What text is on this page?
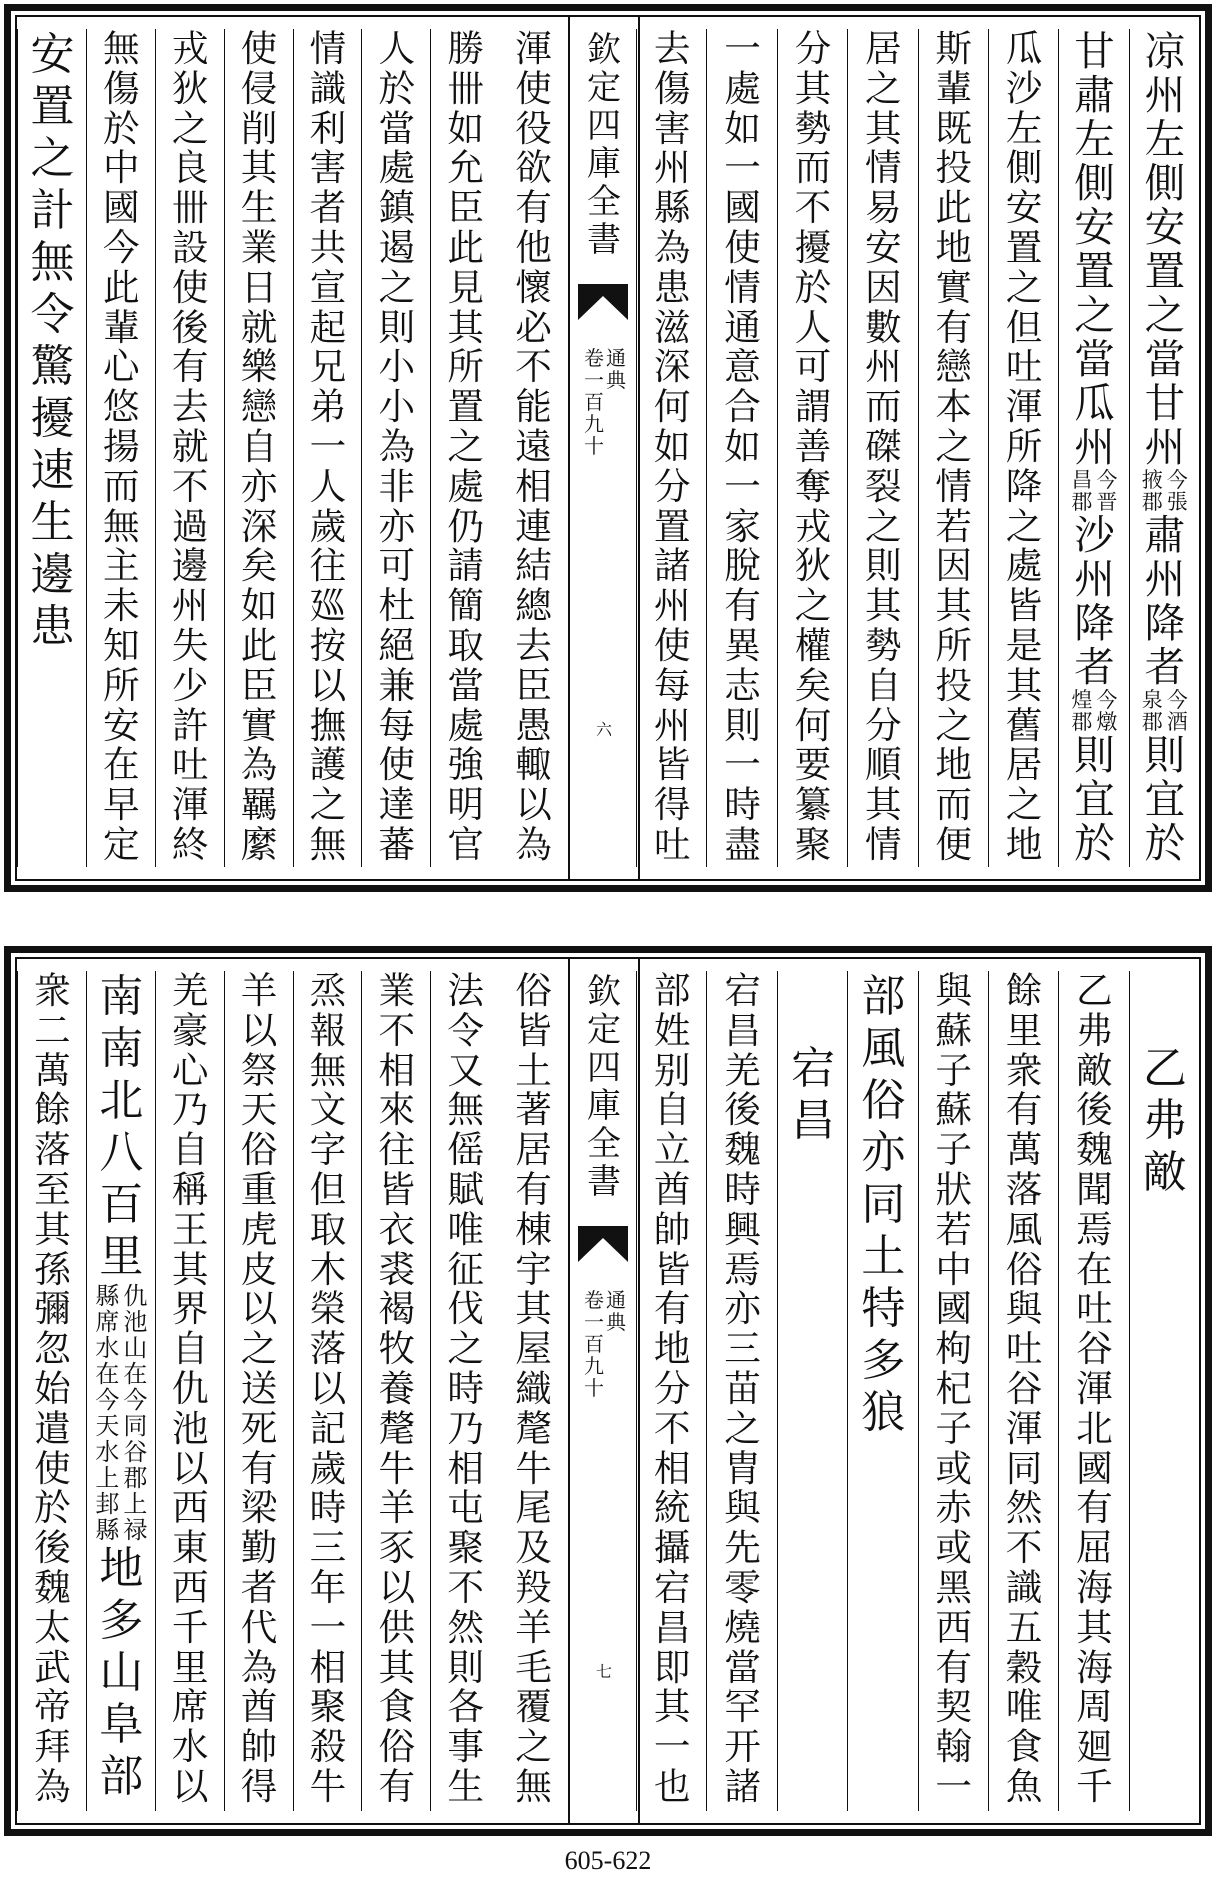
凉
州
左
側
安
置
之
當
甘
州
今
張
掖
郡
肅
州
降
者
今
酒
泉
郡
則
宜
於
甘
肅
左
側
安
置
之
當
瓜
州
今
晋
昌
郡
沙
州
降
者
今
燉
煌
郡
則
宜
於
瓜
沙
左
側
安
置
之
但
吐
渾
所
降
之
處
皆
是
其
舊
居
之
地
斯
輩
既
投
此
地
實
有
戀
本
之
情
若
因
其
所
投
之
地
而
便
居
之
其
情
易
安
因
數
州
而
磔
裂
之
則
其
勢
自
分
順
其
情
分
其
勢
而
不
擾
於
人
可
謂
善
奪
戎
狄
之
權
矣
何
要
纂
聚
一
處
如
一
國
使
情
通
意
合
如
一
家
脫
有
異
志
則
一
時
盡
去
傷
害
州
縣
為
患
滋
深
何
如
分
置
諸
州
使
每
州
皆
得
吐
渾
使
役
欲
有
他
懷
必
不
能
遠
相
連
結
總
去
臣
愚
輙
以
為
勝
卌
如
允
臣
此
見
其
所
置
之
處
仍
請
簡
取
當
處
強
明
官
人
於
當
處
鎮
遏
之
則
小
小
為
非
亦
可
杜
絕
兼
每
使
達
蕃
情
識
利
害
者
共
宣
起
兄
弟
一
人
歲
往
廵
按
以
撫
護
之
無
使
侵
削
其
生
業
日
就
樂
戀
自
亦
深
矣
如
此
臣
實
為
羈
縻
戎
狄
之
良
卌
設
使
後
有
去
就
不
過
邊
州
失
少
許
吐
渾
終
無
傷
於
中
國
今
此
輩
心
悠
揚
而
無
主
未
知
所
安
在
早
定
安
置
之
計
無
令
驚
擾
速
生
邊
患
欽
定
四
庫
全
書
通
典
卷
一
百
九
十
六
乙
弗
敵
乙
弗
敵
後
魏
聞
焉
在
吐
谷
渾
北
國
有
屈
海
其
海
周
廻
千
餘
里
衆
有
萬
落
風
俗
與
吐
谷
渾
同
然
不
識
五
穀
唯
食
魚
與
蘇
子
蘇
子
狀
若
中
國
枸
杞
子
或
赤
或
黑
西
有
契
翰
一
部
風
俗
亦
同
土
特
多
狼
宕
昌
宕
昌
羌
後
魏
時
興
焉
亦
三
苗
之
胄
與
先
零
燒
當
罕
开
諸
部
姓
别
自
立
酋
帥
皆
有
地
分
不
相
統
攝
宕
昌
即
其
一
也
俗
皆
土
著
居
有
棟
宇
其
屋
織
氂
牛
尾
及
羖
羊
毛
覆
之
無
法
令
又
無
傜
賦
唯
征
伐
之
時
乃
相
屯
聚
不
然
則
各
事
生
業
不
相
來
往
皆
衣
裘
褐
牧
養
氂
牛
羊
豕
以
供
其
食
俗
有
烝
報
無
文
字
但
取
木
榮
落
以
記
歲
時
三
年
一
相
聚
殺
牛
羊
以
祭
天
俗
重
虎
皮
以
之
送
死
有
梁
勤
者
代
為
酋
帥
得
羌
豪
心
乃
自
稱
王
其
界
自
仇
池
以
西
東
西
千
里
席
水
以
南
南
北
八
百
里
仇
池
山
在
今
同
谷
郡
上
禄
縣
席
水
在
今
天
水
上
邽
縣
地
多
山
阜
部
衆
二
萬
餘
落
至
其
孫
彌
忽
始
遣
使
於
後
魏
太
武
帝
拜
為
欽
定
四
庫
全
書
通
典
卷
一
百
九
十
七
605-622
